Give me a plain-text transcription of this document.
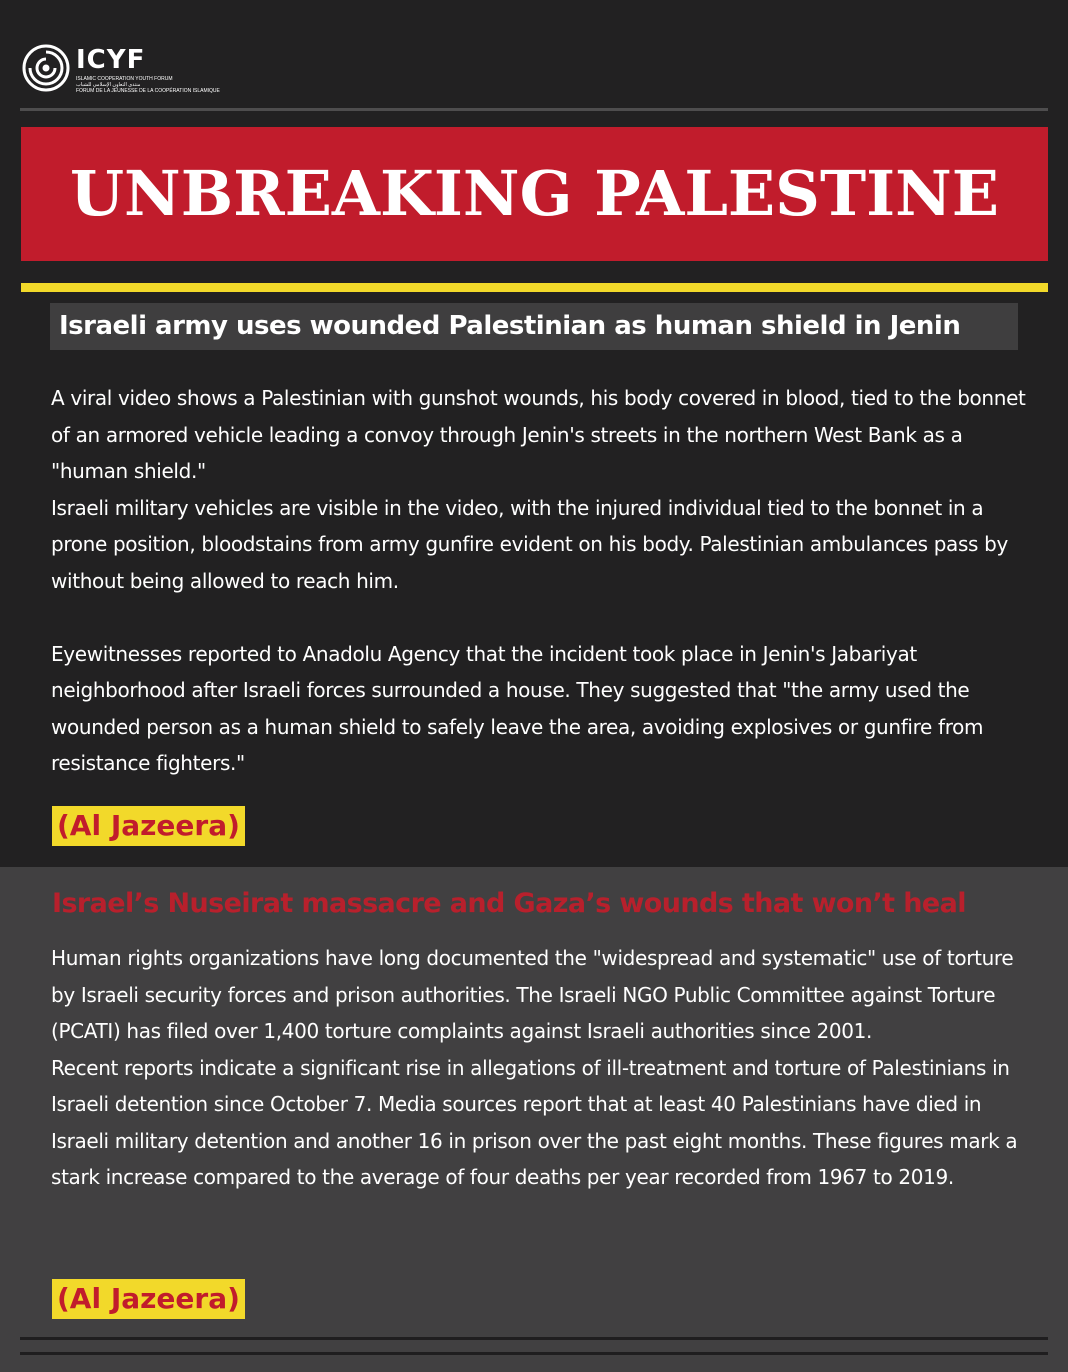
ICYF
ISLAMIC COOPERATION YOUTH FORUM
منتدى التعاون الإسلامي للشباب
FORUM DE LA JEUNESSE DE LA COOPÉRATION ISLAMIQUE
UNBREAKING PALESTINE
Israeli army uses wounded Palestinian as human shield in Jenin

A viral video shows a Palestinian with gunshot wounds, his body covered in blood, tied to the bonnet of an armored vehicle leading a convoy through Jenin's streets in the northern West Bank as a "human shield."

Israeli military vehicles are visible in the video, with the injured individual tied to the bonnet in a prone position, bloodstains from army gunfire evident on his body. Palestinian ambulances pass by without being allowed to reach him.

Eyewitnesses reported to Anadolu Agency that the incident took place in Jenin's Jabariyat neighborhood after Israeli forces surrounded a house. They suggested that "the army used the wounded person as a human shield to safely leave the area, avoiding explosives or gunfire from resistance fighters."

(Al Jazeera)
Israel’s Nuseirat massacre and Gaza’s wounds that won’t heal

Human rights organizations have long documented the "widespread and systematic" use of torture by Israeli security forces and prison authorities. The Israeli NGO Public Committee against Torture (PCATI) has filed over 1,400 torture complaints against Israeli authorities since 2001.

Recent reports indicate a significant rise in allegations of ill-treatment and torture of Palestinians in Israeli detention since October 7. Media sources report that at least 40 Palestinians have died in Israeli military detention and another 16 in prison over the past eight months. These figures mark a stark increase compared to the average of four deaths per year recorded from 1967 to 2019.

(Al Jazeera)
